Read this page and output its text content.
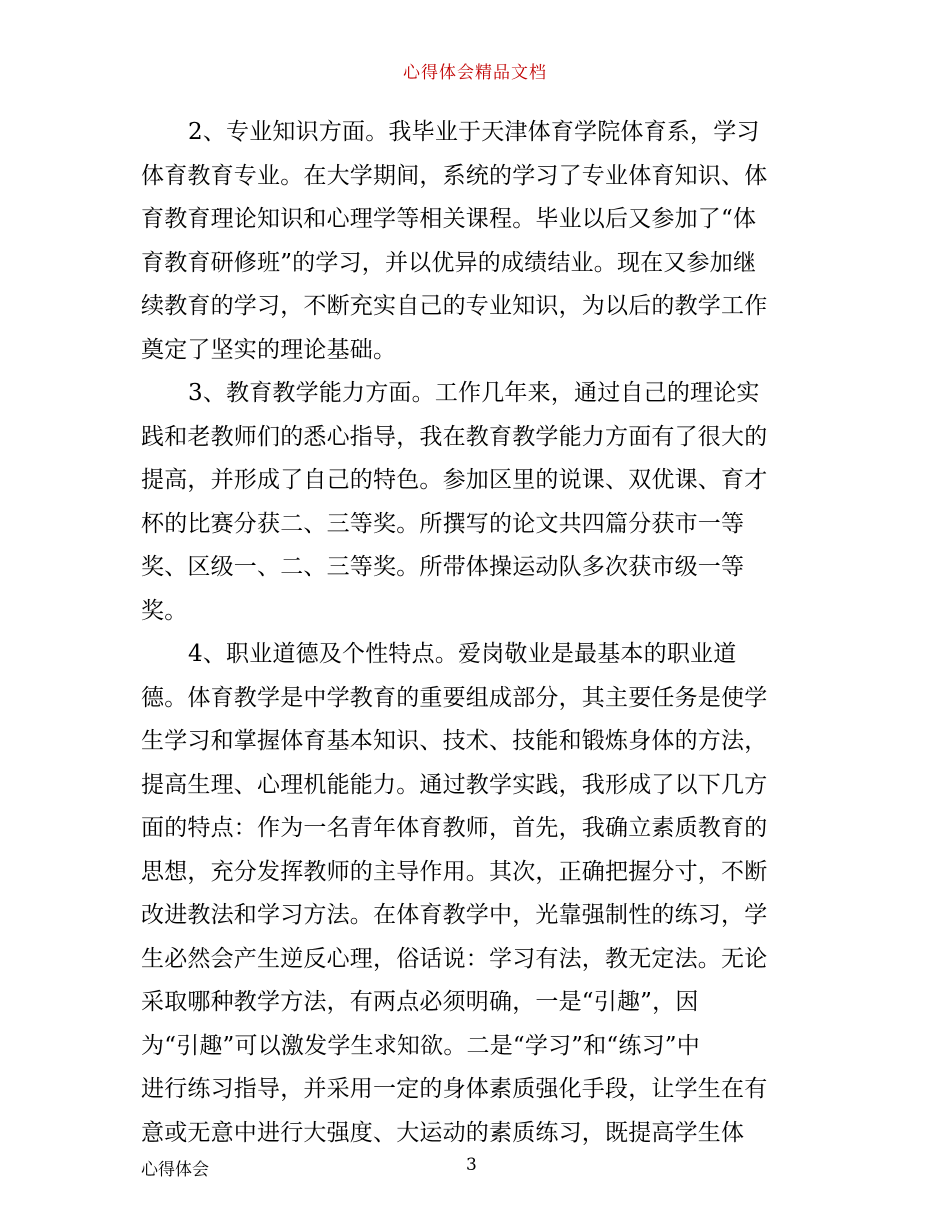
心得体会精品文档
2、专业知识方面。我毕业于天津体育学院体育系，学习
体育教育专业。在大学期间，系统的学习了专业体育知识、体
育教育理论知识和心理学等相关课程。毕业以后又参加了“体
育教育研修班”的学习，并以优异的成绩结业。现在又参加继
续教育的学习，不断充实自己的专业知识，为以后的教学工作
奠定了坚实的理论基础。
3、教育教学能力方面。工作几年来，通过自己的理论实
践和老教师们的悉心指导，我在教育教学能力方面有了很大的
提高，并形成了自己的特色。参加区里的说课、双优课、育才
杯的比赛分获二、三等奖。所撰写的论文共四篇分获市一等
奖、区级一、二、三等奖。所带体操运动队多次获市级一等
奖。
4、职业道德及个性特点。爱岗敬业是最基本的职业道
德。体育教学是中学教育的重要组成部分，其主要任务是使学
生学习和掌握体育基本知识、技术、技能和锻炼身体的方法，
提高生理、心理机能能力。通过教学实践，我形成了以下几方
面的特点：作为一名青年体育教师，首先，我确立素质教育的
思想，充分发挥教师的主导作用。其次，正确把握分寸，不断
改进教法和学习方法。在体育教学中，光靠强制性的练习，学
生必然会产生逆反心理，俗话说：学习有法，教无定法。无论
采取哪种教学方法，有两点必须明确，一是“引趣”，因
为“引趣”可以激发学生求知欲。二是“学习”和“练习”中
进行练习指导，并采用一定的身体素质强化手段，让学生在有
意或无意中进行大强度、大运动的素质练习，既提高学生体
心得体会	3
